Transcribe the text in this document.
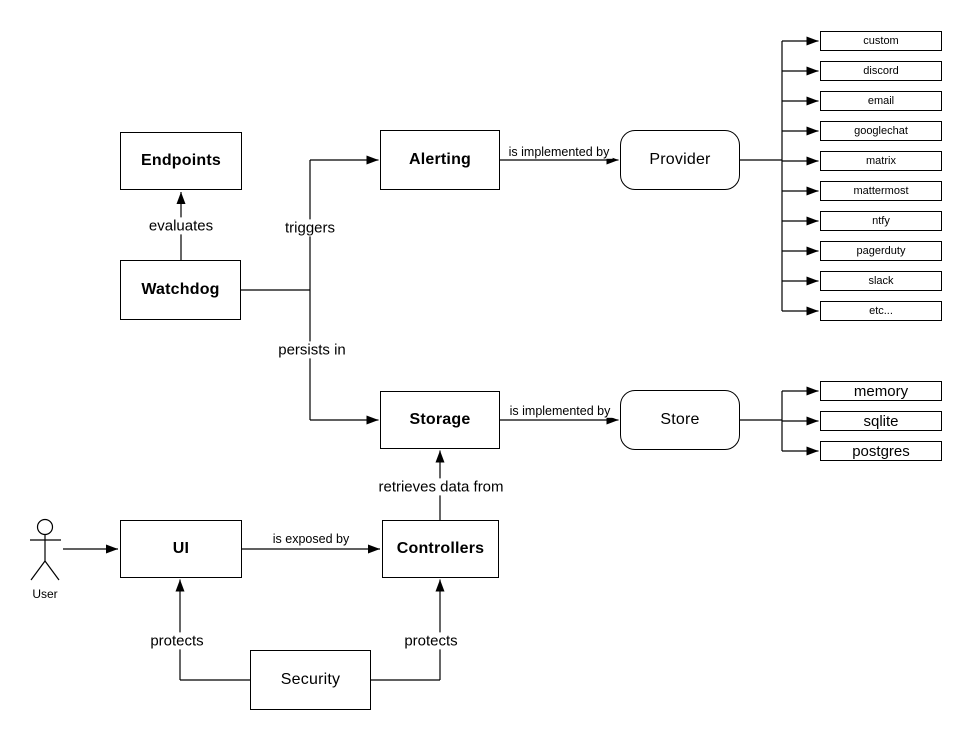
evaluates	triggers
persists in
is implemented by
is implemented by
retrieves data from
is exposed by
protects	protects
User
Endpoints
Watchdog
Alerting	Provider
Storage	Store
UI	Controllers
Security
custom
discord
email
googlechat
matrix
mattermost
ntfy
pagerduty
slack
etc...
memory
sqlite
postgres
